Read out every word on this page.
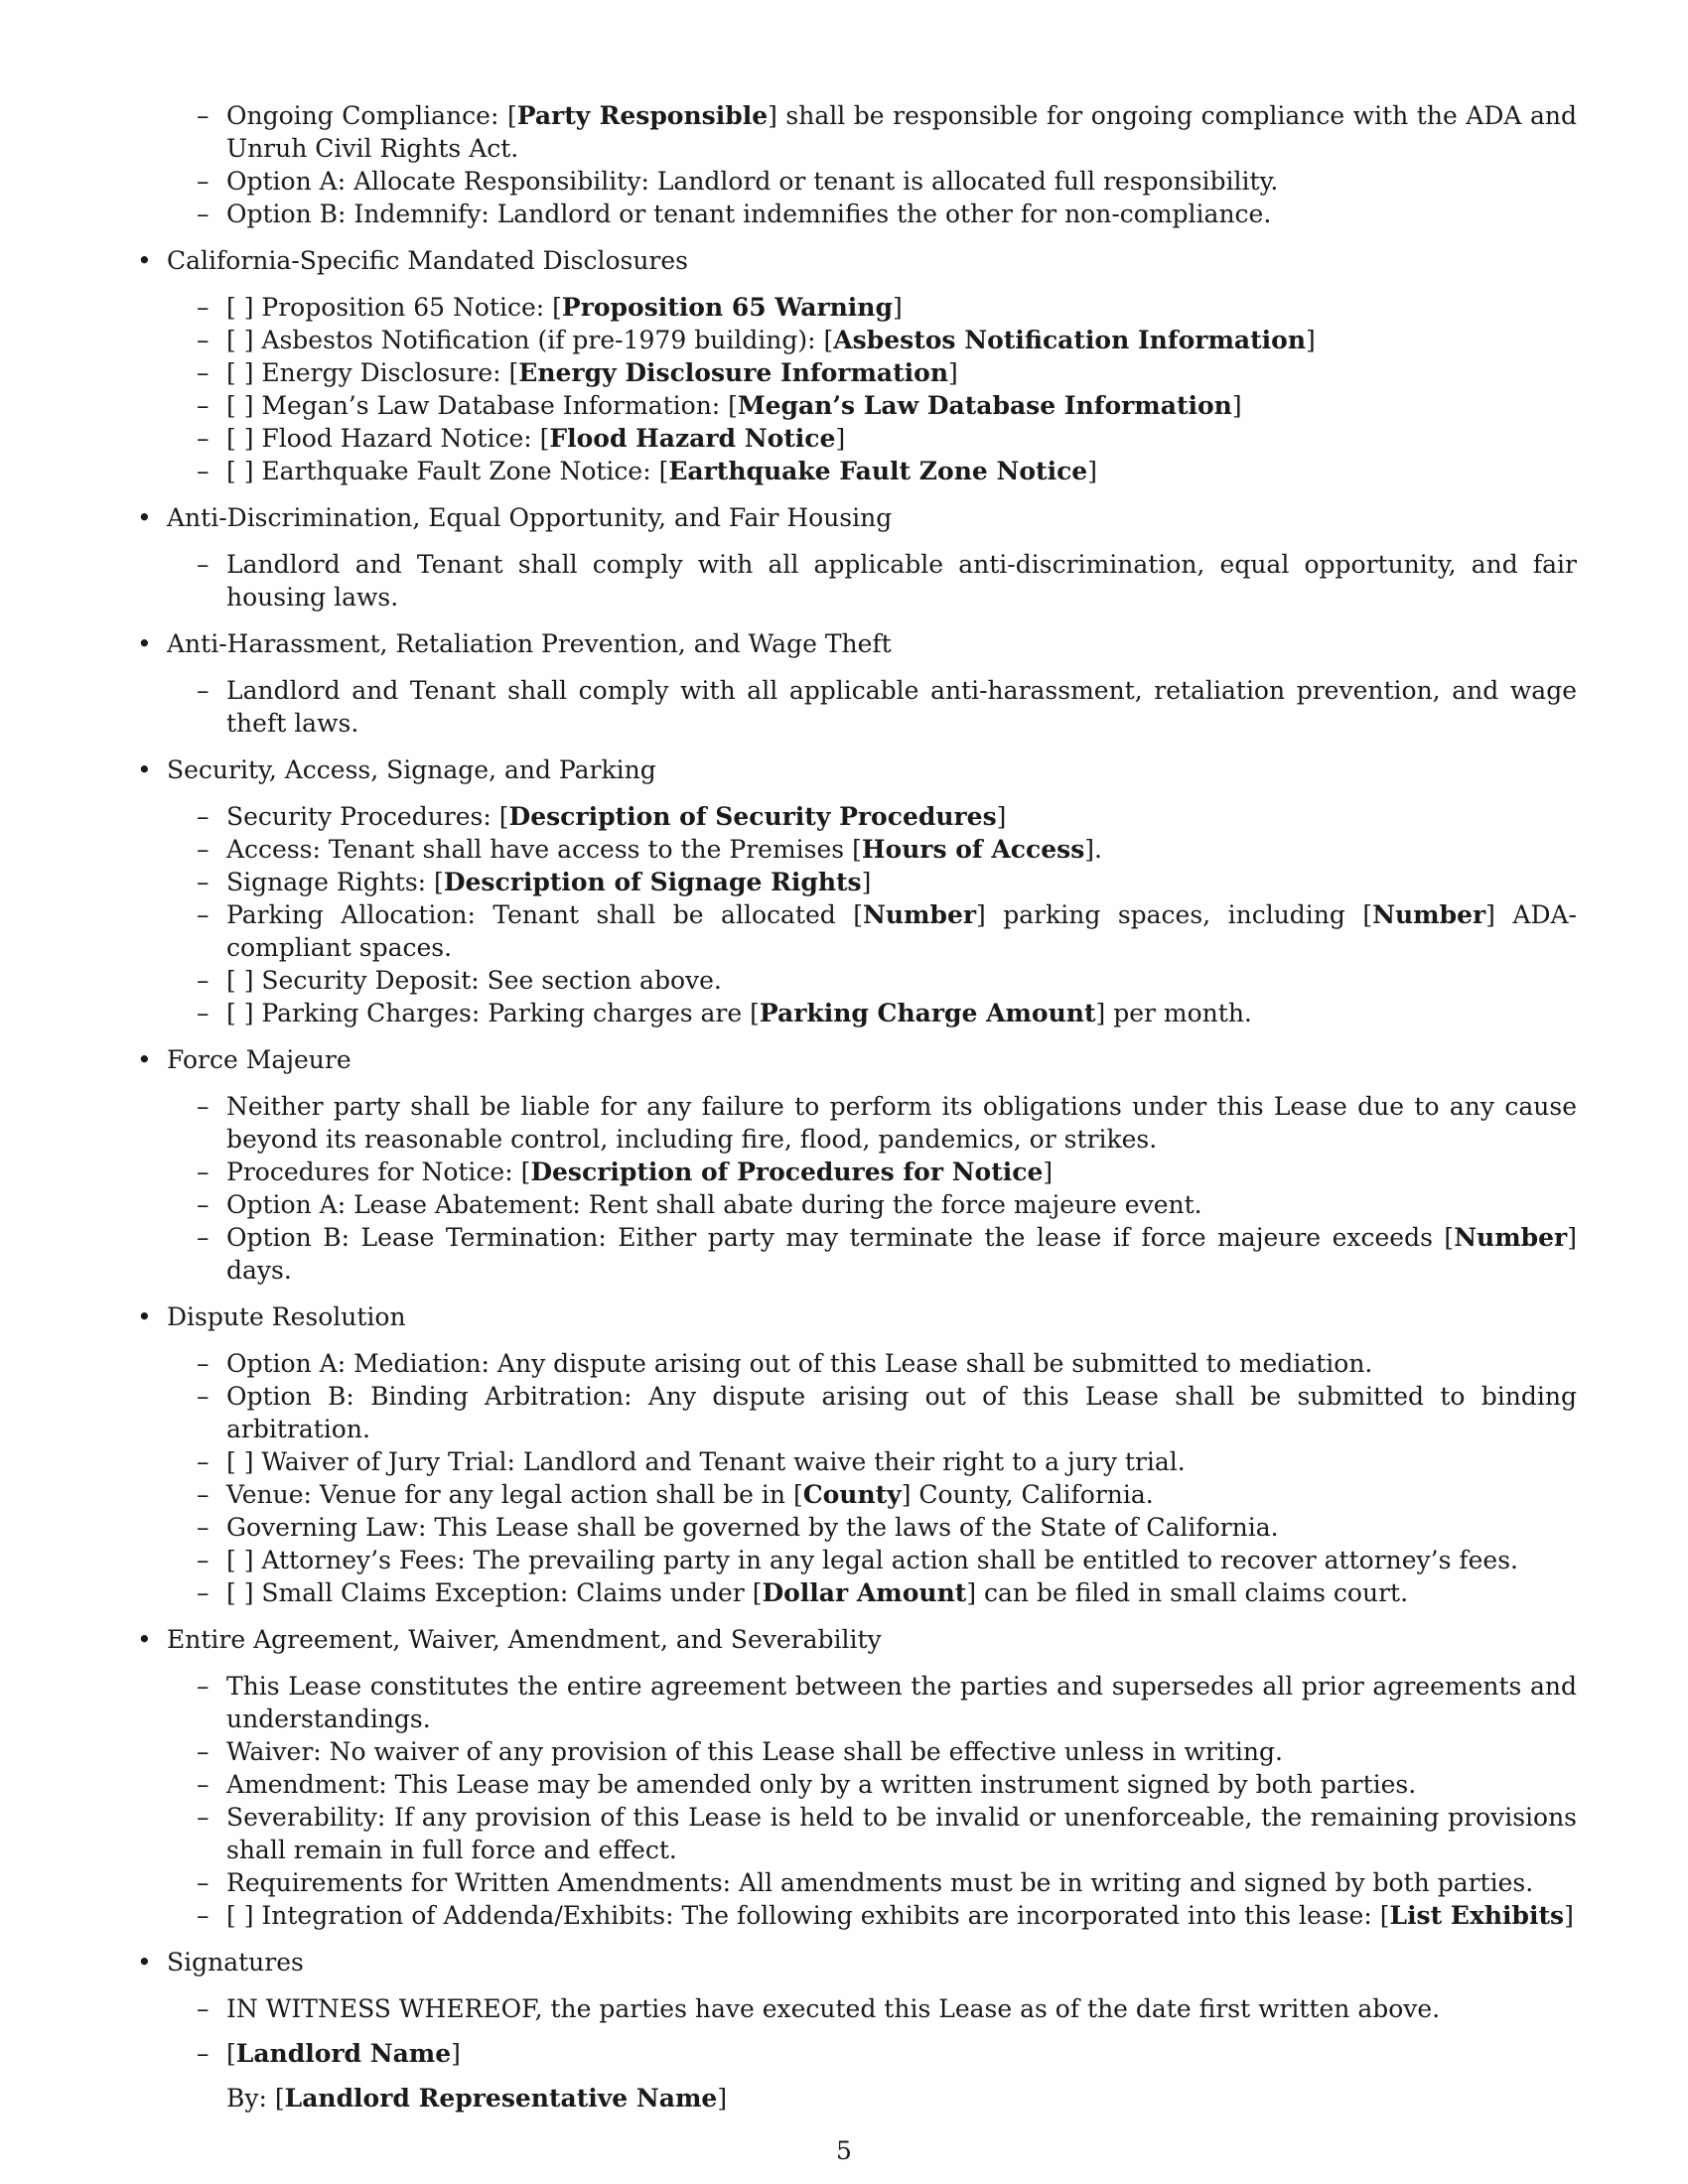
– Ongoing Compliance: [Party Responsible] shall be responsible for ongoing compliance with the ADA and Unruh Civil Rights Act.
– Option A: Allocate Responsibility: Landlord or tenant is allocated full responsibility.
– Option B: Indemnify: Landlord or tenant indemnifies the other for non-compliance.
• California-Specific Mandated Disclosures
– [ ] Proposition 65 Notice: [Proposition 65 Warning]
– [ ] Asbestos Notification (if pre-1979 building): [Asbestos Notification Information]
– [ ] Energy Disclosure: [Energy Disclosure Information]
– [ ] Megan’s Law Database Information: [Megan’s Law Database Information]
– [ ] Flood Hazard Notice: [Flood Hazard Notice]
– [ ] Earthquake Fault Zone Notice: [Earthquake Fault Zone Notice]
• Anti-Discrimination, Equal Opportunity, and Fair Housing
– Landlord and Tenant shall comply with all applicable anti-discrimination, equal opportunity, and fair housing laws.
• Anti-Harassment, Retaliation Prevention, and Wage Theft
– Landlord and Tenant shall comply with all applicable anti-harassment, retaliation prevention, and wage theft laws.
• Security, Access, Signage, and Parking
– Security Procedures: [Description of Security Procedures]
– Access: Tenant shall have access to the Premises [Hours of Access].
– Signage Rights: [Description of Signage Rights]
– Parking Allocation: Tenant shall be allocated [Number] parking spaces, including [Number] ADA-compliant spaces.
– [ ] Security Deposit: See section above.
– [ ] Parking Charges: Parking charges are [Parking Charge Amount] per month.
• Force Majeure
– Neither party shall be liable for any failure to perform its obligations under this Lease due to any cause beyond its reasonable control, including fire, flood, pandemics, or strikes.
– Procedures for Notice: [Description of Procedures for Notice]
– Option A: Lease Abatement: Rent shall abate during the force majeure event.
– Option B: Lease Termination: Either party may terminate the lease if force majeure exceeds [Number] days.
• Dispute Resolution
– Option A: Mediation: Any dispute arising out of this Lease shall be submitted to mediation.
– Option B: Binding Arbitration: Any dispute arising out of this Lease shall be submitted to binding arbitration.
– [ ] Waiver of Jury Trial: Landlord and Tenant waive their right to a jury trial.
– Venue: Venue for any legal action shall be in [County] County, California.
– Governing Law: This Lease shall be governed by the laws of the State of California.
– [ ] Attorney’s Fees: The prevailing party in any legal action shall be entitled to recover attorney’s fees.
– [ ] Small Claims Exception: Claims under [Dollar Amount] can be filed in small claims court.
• Entire Agreement, Waiver, Amendment, and Severability
– This Lease constitutes the entire agreement between the parties and supersedes all prior agreements and understandings.
– Waiver: No waiver of any provision of this Lease shall be effective unless in writing.
– Amendment: This Lease may be amended only by a written instrument signed by both parties.
– Severability: If any provision of this Lease is held to be invalid or unenforceable, the remaining provisions shall remain in full force and effect.
– Requirements for Written Amendments: All amendments must be in writing and signed by both parties.
– [ ] Integration of Addenda/Exhibits: The following exhibits are incorporated into this lease: [List Exhibits]
• Signatures
– IN WITNESS WHEREOF, the parties have executed this Lease as of the date first written above.
– [Landlord Name]
By: [Landlord Representative Name]
5
